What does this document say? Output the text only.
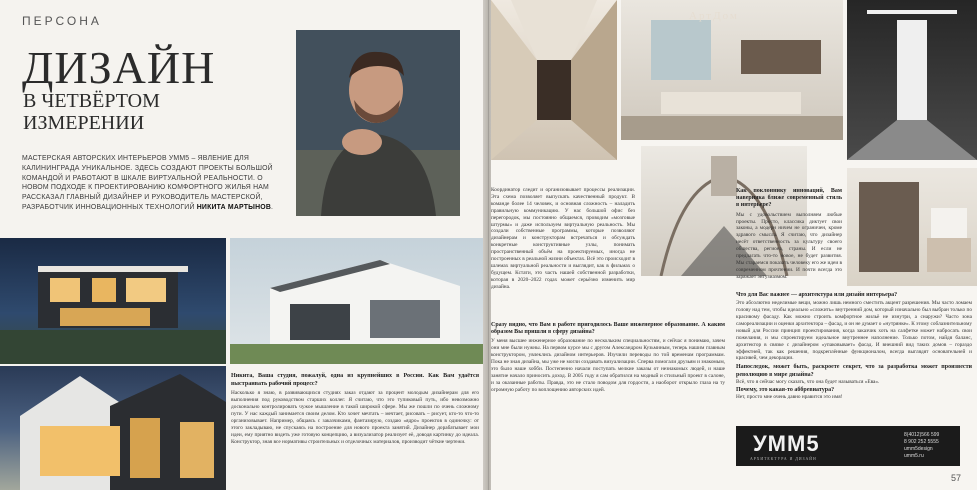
ПЕРСОНА
ДИЗАЙН
В ЧЕТВЁРТОМ
ИЗМЕРЕНИИ
МАСТЕРСКАЯ АВТОРСКИХ ИНТЕРЬЕРОВ УММ5 – ЯВЛЕНИЕ ДЛЯ КАЛИНИНГРАДА УНИКАЛЬНОЕ. ЗДЕСЬ СОЗДАЮТ ПРОЕКТЫ БОЛЬШОЙ КОМАНДОЙ И РАБОТАЮТ В ШКАЛЕ ВИРТУАЛЬНОЙ РЕАЛЬНОСТИ. О НОВОМ ПОДХОДЕ К ПРОЕКТИРОВАНИЮ КОМФОРТНОГО ЖИЛЬЯ НАМ РАССКАЗАЛ ГЛАВНЫЙ ДИЗАЙНЕР И РУКОВОДИТЕЛЬ МАСТЕРСКОЙ, РАЗРАБОТЧИК ИННОВАЦИОННЫХ ТЕХНОЛОГИЙ НИКИТА МАРТЫНОВ.
Никита, Ваша студия, пожалуй, одна из крупнейших в России. Как Вам удаётся выстраивать рабочий процесс?
Насколько я знаю, в развивающихся студиях заказ отдают за процент молодым дизайнерам для его выполнения под руководством старших коллег. Я считаю, что это тупиковый путь, ибо невозможно досконально контролировать чужое мышление в такой широкой сфере. Мы же пошли по очень сложному пути. У нас каждый занимается своим делом. Кто хочет мечтать – мечтает, рисовать – рисует, кто-то что-то организовывает. Например, общаясь с заказчиками, фантазирую, создаю «ядро» проектов в одиночку: от этого закладываю, не спускаясь на построение для нового проекта занятий. Дизайнер дорабатывает мои идеи, ему приятно видеть уже готовую концепцию, а визуализатор реализует её, доводя картинку до идеала. Конструктор, зная все нормативы строительных и отделочных материалов, производит чёткие чертежи.
АртДом
Координатор следит и организовывает процессы реализации. Эта схема позволяет выпускать качественный продукт. В команде более 14 человек, и основная сложность – наладить правильную коммуникацию. У нас большой офис без перегородок, мы постоянно общаемся, проводим «мозговые штурмы» и даже используем виртуальную реальность. Мы создали собственные программы, которые позволяют дизайнерам и конструкторам встречаться и обсуждать конкретные конструктивные узлы, понимать пространственный объём на проектируемых, иногда не построенных в реальной жизни объектах. Всё это происходит в шлемах виртуальной реальности и выглядит, как в фильмах о будущем. Кстати, это часть нашей собственной разработки, которая в 2020–2022 годах может серьёзно изменить мир дизайна.
Сразу видно, что Вам в работе пригодилось Ваше инженерное образование. А каким образом Вы пришли в сферу дизайна?
У меня высшее инженерное образование по нескольким специальностям, и сейчас я понимаю, зачем они мне были нужны. На первом курсе мы с другом Александром Кузьминым, теперь нашим главным конструктором, увлеклись дизайном интерьеров. Изучили переводы по той временам программам. Пока не зная дизайна, мы уже не могли создавать визуализации. Сперва помогали друзьям и знакомым, это было наше хобби. Постепенно начали поступать мелкие заказы от незнакомых людей, и наше занятие начало приносить доход. В 2005 году я сам обратился на модный и стильный проект в салоне, и за оказанные работы. Правда, это не стало поводом для гордости, а наоборот открыло глаза на ту огромную работу по воплощению авторских идей.
Как поклоннику инноваций, Вам наверняка ближе современный стиль в интерьере?
Мы с удовольствием выполняем любые проекты. Просто, классика диктует свои законы, а модерн ничем не ограничен, кроме здравого смысла. Я считаю, что дизайнер несёт ответственность за культуру своего общества, региона, страны. И если не предлагать что-то новое, не будет развития. Мы стараемся показать человеку его же идеи в современном прочтении. И почти всегда это заряжает энтузиазмом.
Что для Вас важнее — архитектура или дизайн интерьера?
Это абсолютно неделимые вещи, можно лишь немного сместить акцент разрешения. Мы часто ломаем голову над тем, чтобы идеально «сложить» внутренний дом, который изначально был выбран только по красивому фасаду. Как можно строить комфортное жильё не изнутри, а снаружи? Часто зона самореализации и оценки архитектора – фасад, и он не думает о «нутрянке». К этому соблазнительному новый для России принцип проектирования, когда заказчик хоть на салфетке может набросать свои пожелания, и мы спроектируем идеальное внутреннее наполнение. Только потом, найдя баланс, архитектор в связке с дизайнером «упаковывает» фасад. И внешний вид таких домов – гораздо эффектней, так как решения, подкреплённые функционалом, всегда выглядят основательней и красивей, чем декорации.
Напоследок, может быть, раскроете секрет, что за разработка может произвести революцию в мире дизайна?
Всё, что я сейчас могу сказать, что она будет называться «Ева».
Почему, это какая-то аббревиатура?
Нет, просто мне очень давно нравится это имя!
57
УММ5
АРХИТЕКТУРА И ДИЗАЙН
8(4012)566 599
8 902 252 5555
umm5design
umm5.ru
